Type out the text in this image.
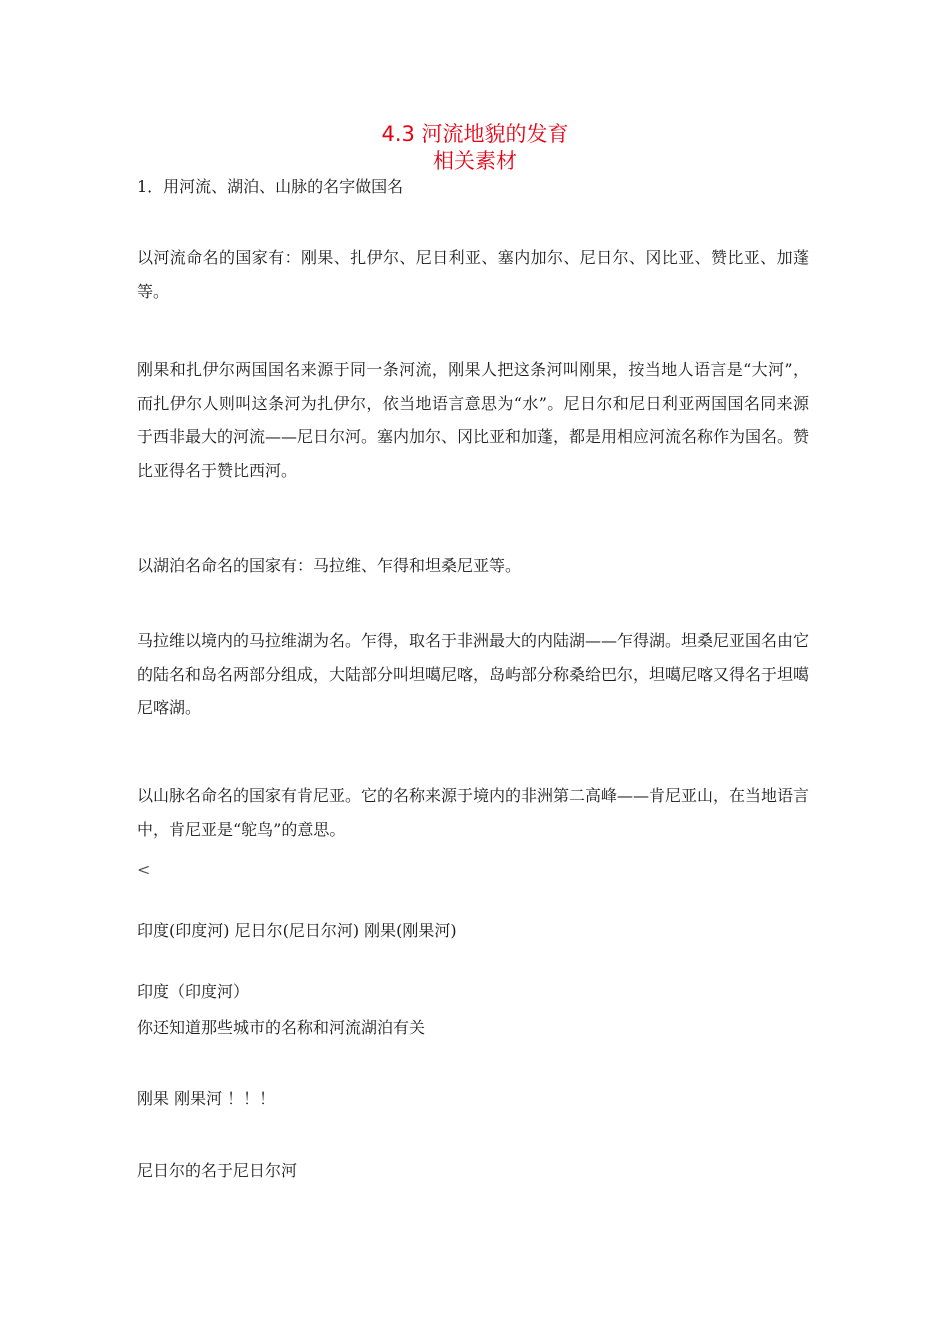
4.3 河流地貌的发育
相关素材

1．用河流、湖泊、山脉的名字做国名

以河流命名的国家有：刚果、扎伊尔、尼日利亚、塞内加尔、尼日尔、冈比亚、赞比亚、加蓬等。

刚果和扎伊尔两国国名来源于同一条河流，刚果人把这条河叫刚果，按当地人语言是“大河”，而扎伊尔人则叫这条河为扎伊尔，依当地语言意思为“水”。尼日尔和尼日利亚两国国名同来源于西非最大的河流——尼日尔河。塞内加尔、冈比亚和加蓬，都是用相应河流名称作为国名。赞比亚得名于赞比西河。

以湖泊名命名的国家有：马拉维、乍得和坦桑尼亚等。

马拉维以境内的马拉维湖为名。乍得，取名于非洲最大的内陆湖——乍得湖。坦桑尼亚国名由它的陆名和岛名两部分组成，大陆部分叫坦噶尼喀，岛屿部分称桑给巴尔，坦噶尼喀又得名于坦噶尼喀湖。

以山脉名命名的国家有肯尼亚。它的名称来源于境内的非洲第二高峰——肯尼亚山，在当地语言中，肯尼亚是“鸵鸟”的意思。

<

印度(印度河) 尼日尔(尼日尔河) 刚果(刚果河)

印度（印度河）

你还知道那些城市的名称和河流湖泊有关

刚果 刚果河 ！！！

尼日尔的名于尼日尔河
